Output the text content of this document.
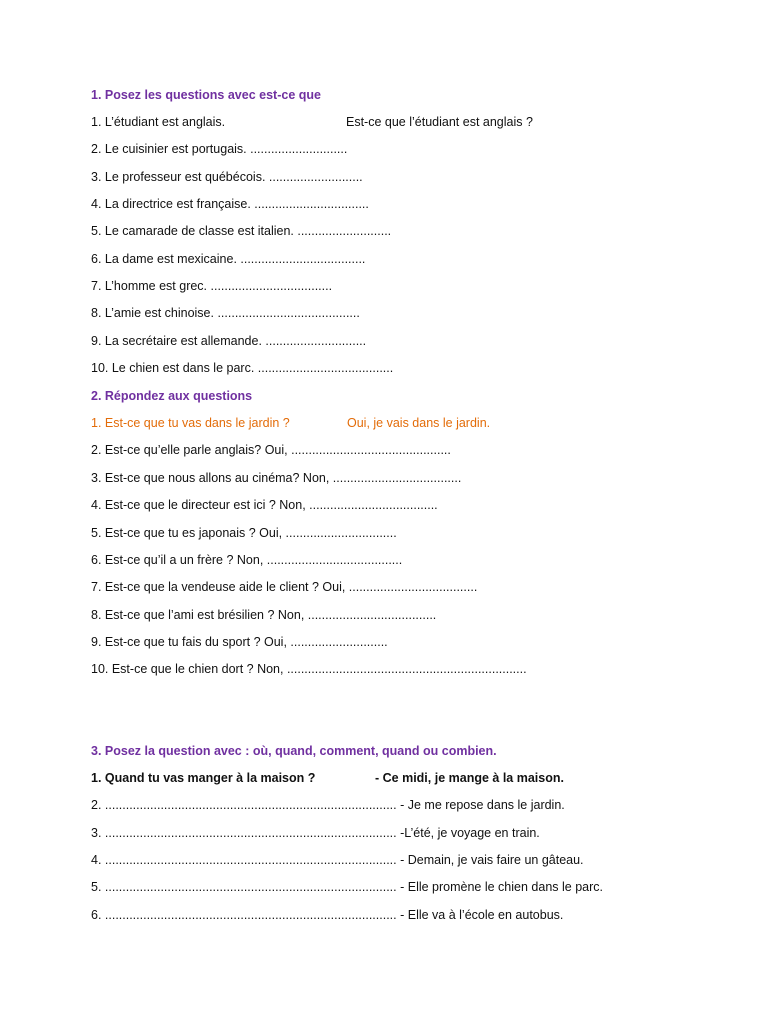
1. Posez les questions avec est-ce que
1. L’étudiant est anglais.	Est-ce que l’étudiant est anglais ?
2. Le cuisinier est portugais. ............................
3. Le professeur est québécois. ...........................
4. La directrice est française. .................................
5. Le camarade de classe est italien. ...........................
6. La dame est mexicaine. ....................................
7. L’homme est grec. ...................................
8. L’amie est chinoise. .........................................
9. La secrétaire est allemande. .............................
10. Le chien est dans le parc. .......................................
2. Répondez aux questions
1. Est-ce que tu vas dans le jardin ?	Oui, je vais dans le jardin.
2. Est-ce qu’elle parle anglais? Oui, ..............................................
3. Est-ce que nous allons au cinéma? Non, .....................................
4. Est-ce que le directeur est ici ? Non, .....................................
5. Est-ce que tu es japonais ? Oui, ................................
6. Est-ce qu’il a un frère ? Non, .......................................
7. Est-ce que la vendeuse aide le client ? Oui, .....................................
8. Est-ce que l’ami est brésilien ? Non, .....................................
9. Est-ce que tu fais du sport ? Oui, ............................
10. Est-ce que le chien dort ? Non, .....................................................................
3. Posez la question avec : où, quand, comment, quand ou combien.
1. Quand tu vas manger à la maison ?	- Ce midi, je mange à la maison.
2. .................................................................................... - Je me repose dans le jardin.
3. .................................................................................... -L’été, je voyage en train.
4. .................................................................................... - Demain, je vais faire un gâteau.
5. .................................................................................... - Elle promène le chien dans le parc.
6. .................................................................................... - Elle va à l’école en autobus.
